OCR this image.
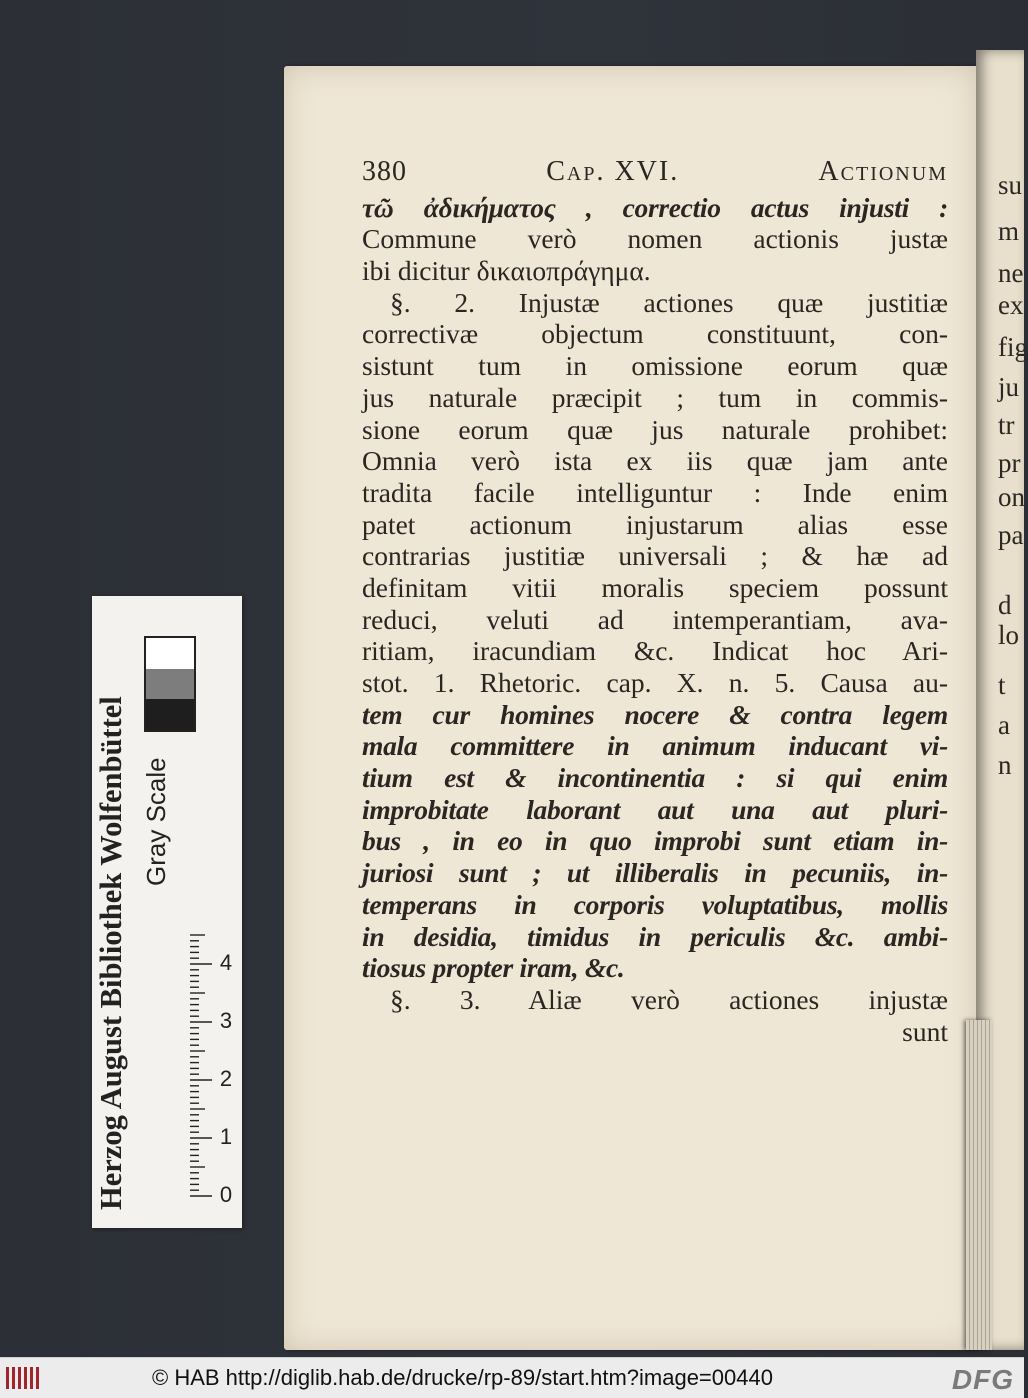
380	Cap. XVI.	Actionum
τῶ ἀδικήματος , correctio actus injusti :
Commune verò nomen actionis justæ
ibi dicitur δικαιοπράγημα.
§. 2. Injustæ actiones quæ justitiæ
correctivæ objectum constituunt, con-
sistunt tum in omissione eorum quæ
jus naturale præcipit ; tum in commis-
sione eorum quæ jus naturale prohibet:
Omnia verò ista ex iis quæ jam ante
tradita facile intelliguntur : Inde enim
patet actionum injustarum alias esse
contrarias justitiæ universali ; & hæ ad
definitam vitii moralis speciem possunt
reduci, veluti ad intemperantiam, ava-
ritiam, iracundiam &c. Indicat hoc Ari-
stot. 1. Rhetoric. cap. X. n. 5. Causa au-
tem cur homines nocere & contra legem
mala committere in animum inducant vi-
tium est & incontinentia : si qui enim
improbitate laborant aut una aut pluri-
bus , in eo in quo improbi sunt etiam in-
juriosi sunt ; ut illiberalis in pecuniis, in-
temperans in corporis voluptatibus, mollis
in desidia, timidus in periculis &c. ambi-
tiosus propter iram, &c.
§. 3. Aliæ verò actiones injustæ
sunt
su
m
ne
ex
fig
ju
tr
pr
on
pa
d
lo
t
a
n
Herzog August Bibliothek Wolfenbüttel Gray Scale
0
1
2
3
4
© HAB http://diglib.hab.de/drucke/rp-89/start.htm?image=00440	DFG
